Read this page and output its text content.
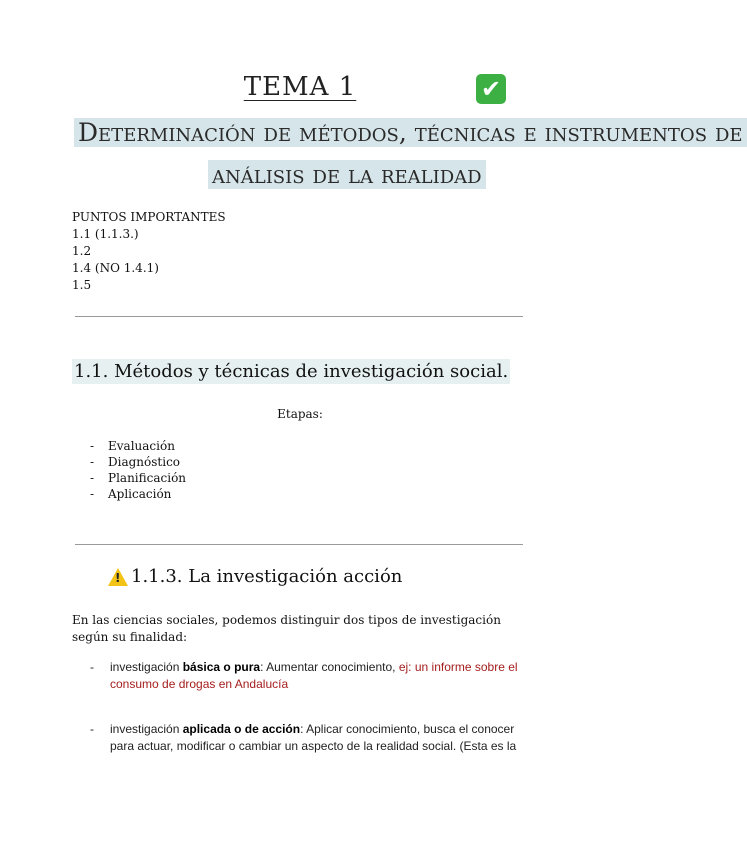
TEMA 1	✔
Determinación de métodos, técnicas e instrumentos de
análisis de la realidad
PUNTOS IMPORTANTES
1.1 (1.1.3.)
1.2
1.4 (NO 1.4.1)
1.5
1.1. Métodos y técnicas de investigación social.
Etapas:
-	Evaluación
-	Diagnóstico
-	Planificación
-	Aplicación
! 1.1.3. La investigación acción
En las ciencias sociales, podemos distinguir dos tipos de investigación según su finalidad:
-	investigación básica o pura: Aumentar conocimiento, ej: un informe sobre el consumo de drogas en Andalucía
-	investigación aplicada o de acción: Aplicar conocimiento, busca el conocer para actuar, modificar o cambiar un aspecto de la realidad social. (Esta es la
